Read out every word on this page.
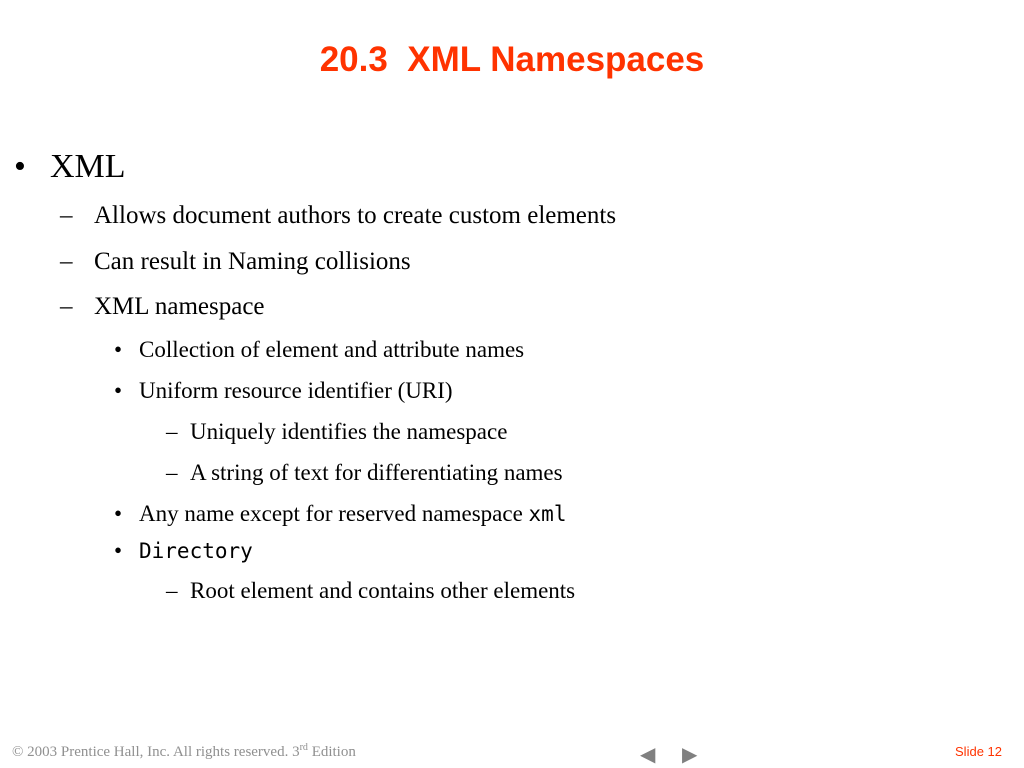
20.3  XML Namespaces
• XML
– Allows document authors to create custom elements
– Can result in Naming collisions
– XML namespace
• Collection of element and attribute names
• Uniform resource identifier (URI)
– Uniquely identifies the namespace
– A string of text for differentiating names
• Any name except for reserved namespace xml
• Directory
– Root element and contains other elements
© 2003 Prentice Hall, Inc. All rights reserved. 3rd Edition	◀ ▶	Slide 12
